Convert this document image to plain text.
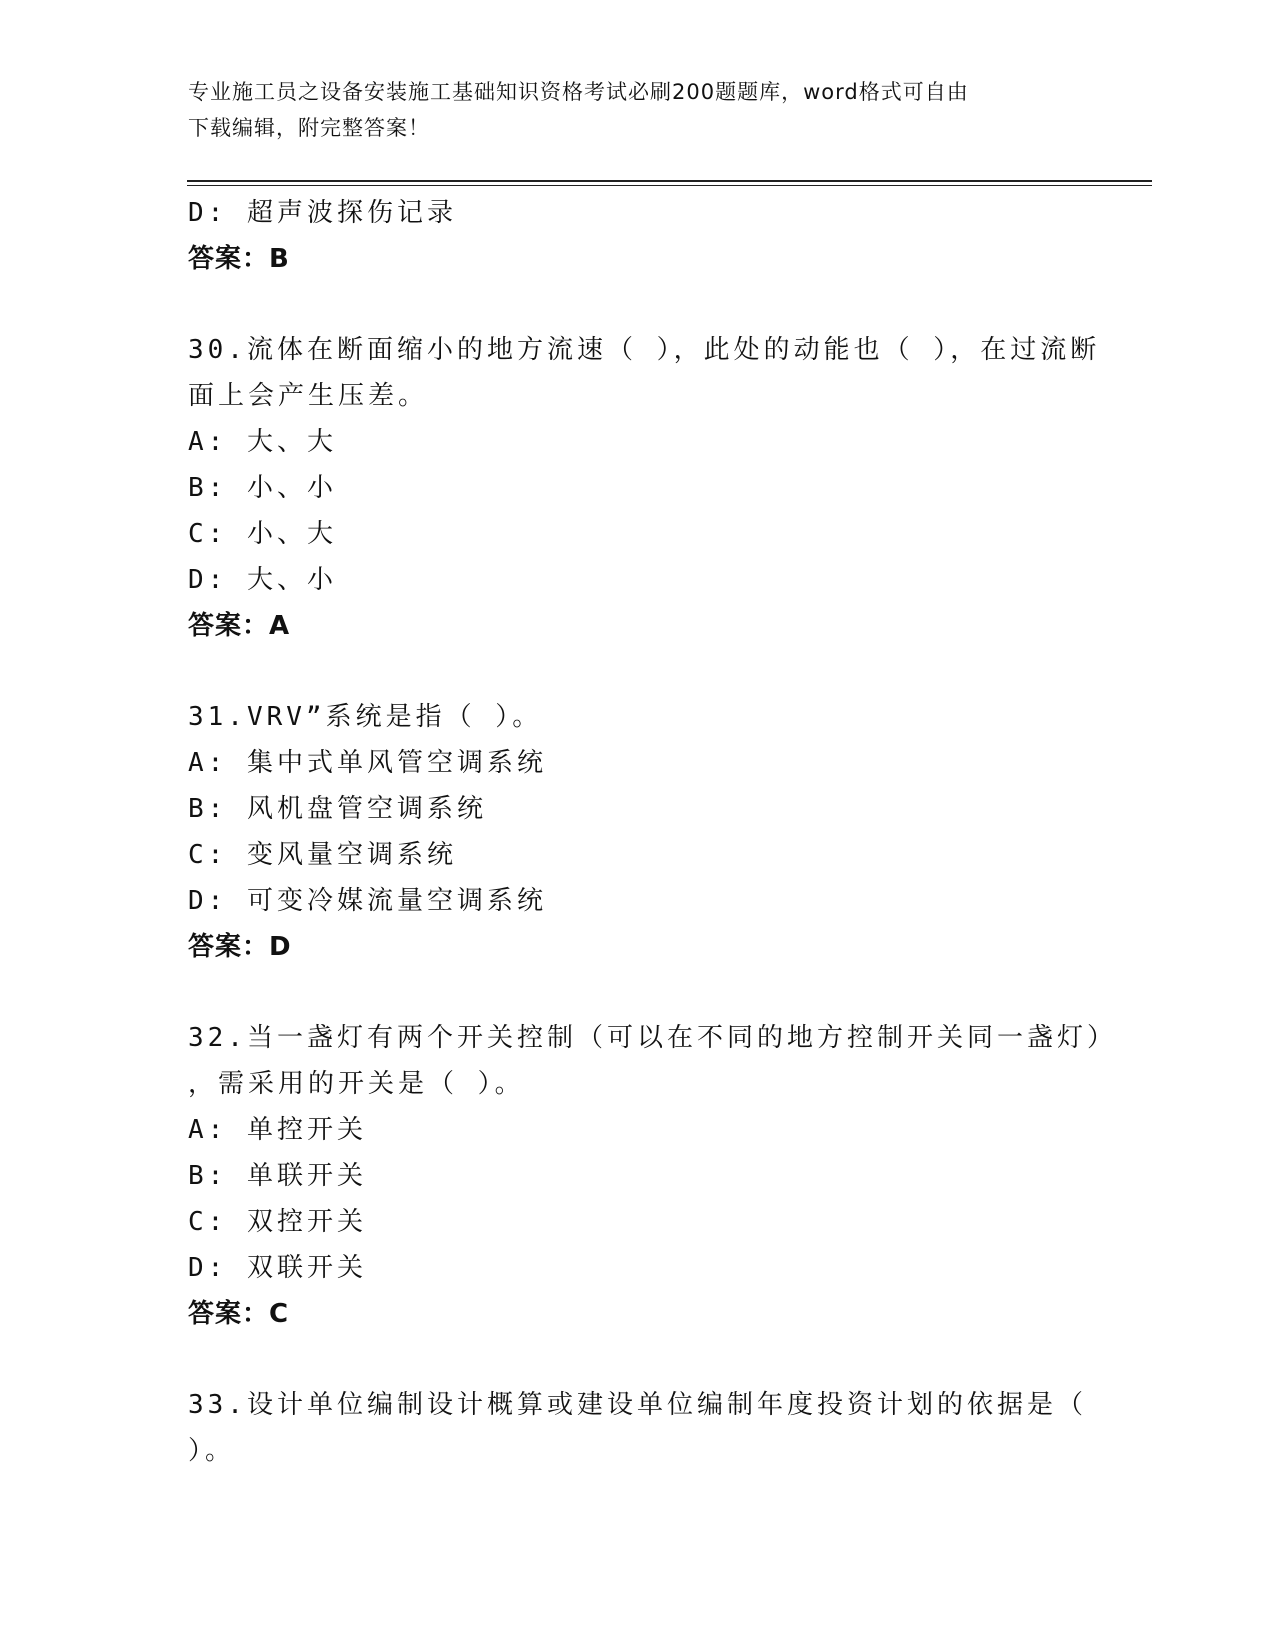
专业施工员之设备安装施工基础知识资格考试必刷200题题库，word格式可自由
下载编辑，附完整答案！
D: 超声波探伤记录
答案：B
30.流体在断面缩小的地方流速（ ），此处的动能也（ ），在过流断
面上会产生压差。
A: 大、大
B: 小、小
C: 小、大
D: 大、小
答案：A
31.VRV”系统是指（ ）。
A: 集中式单风管空调系统
B: 风机盘管空调系统
C: 变风量空调系统
D: 可变冷媒流量空调系统
答案：D
32.当一盏灯有两个开关控制（可以在不同的地方控制开关同一盏灯）
，需采用的开关是（ ）。
A: 单控开关
B: 单联开关
C: 双控开关
D: 双联开关
答案：C
33.设计单位编制设计概算或建设单位编制年度投资计划的依据是（
）。
